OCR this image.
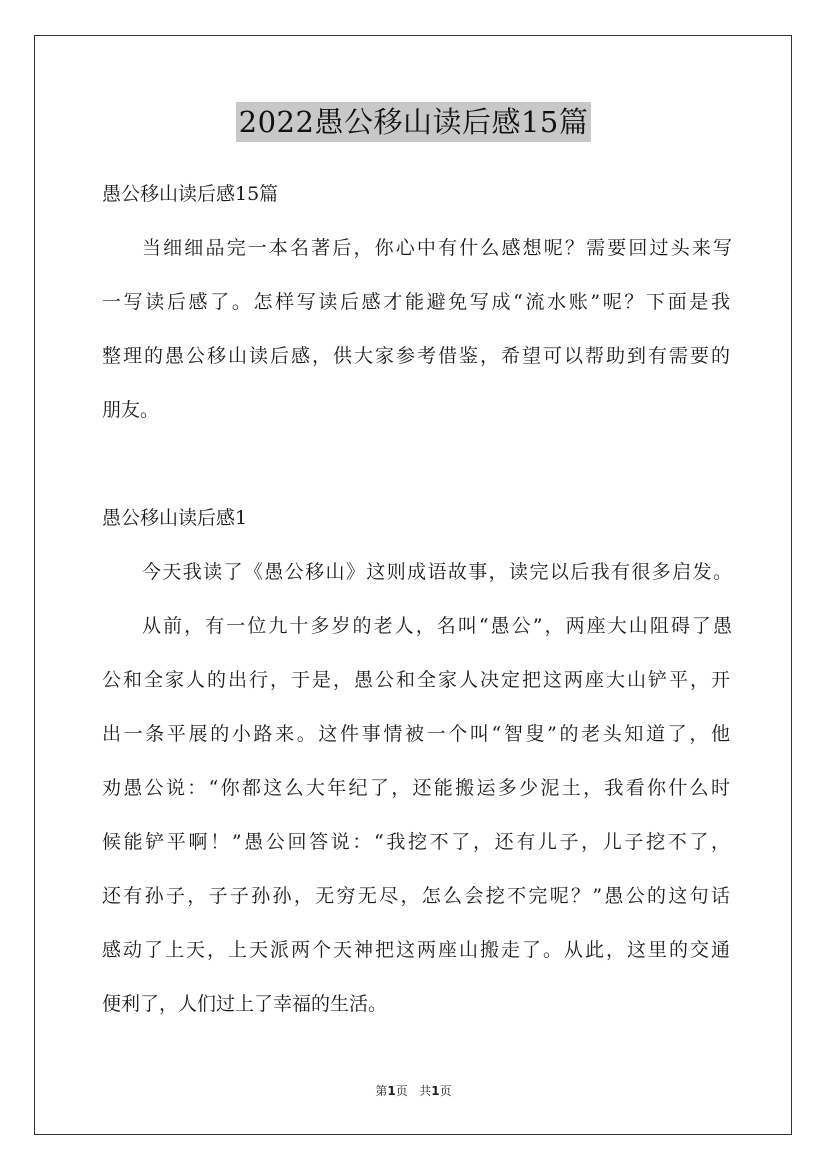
2022愚公移山读后感15篇
愚公移山读后感15篇
当细细品完一本名著后，你心中有什么感想呢？需要回过头来写
一写读后感了。怎样写读后感才能避免写成“流水账”呢？下面是我
整理的愚公移山读后感，供大家参考借鉴，希望可以帮助到有需要的
朋友。
愚公移山读后感1
今天我读了《愚公移山》这则成语故事，读完以后我有很多启发。
从前，有一位九十多岁的老人，名叫“愚公”，两座大山阻碍了愚
公和全家人的出行，于是，愚公和全家人决定把这两座大山铲平，开
出一条平展的小路来。这件事情被一个叫“智叟”的老头知道了，他
劝愚公说：“你都这么大年纪了，还能搬运多少泥土，我看你什么时
候能铲平啊！”愚公回答说：“我挖不了，还有儿子，儿子挖不了，
还有孙子，子子孙孙，无穷无尽，怎么会挖不完呢？”愚公的这句话
感动了上天，上天派两个天神把这两座山搬走了。从此，这里的交通
便利了，人们过上了幸福的生活。
第1页 共1页
